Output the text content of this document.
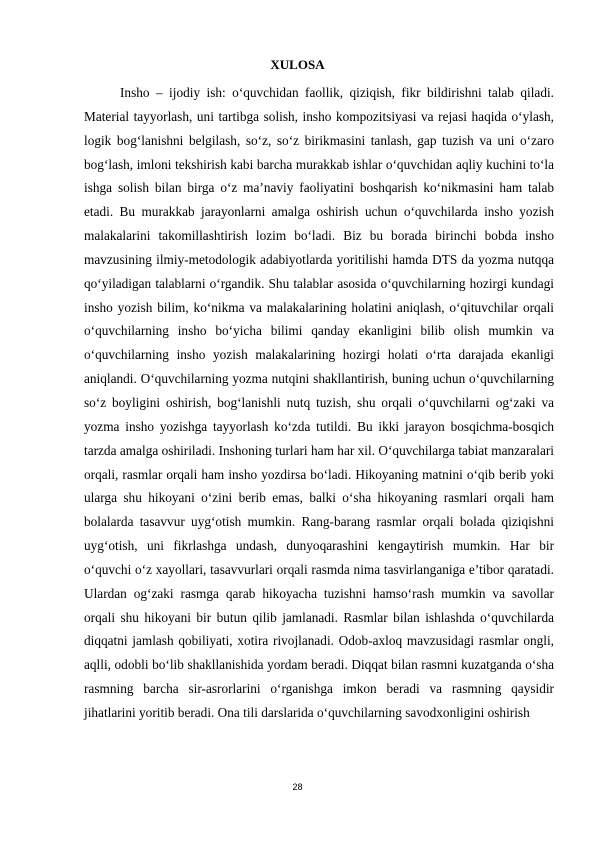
XULOSA

Insho – ijodiy ish: o‘quvchidan faollik, qiziqish, fikr bildirishni talab qiladi. Material tayyorlash, uni tartibga solish, insho kompozitsiyasi va rejasi haqida o‘ylash, logik bog‘lanishni belgilash, so‘z, so‘z birikmasini tanlash, gap tuzish va uni o‘zaro bog‘lash, imloni tekshirish kabi barcha murakkab ishlar o‘quvchidan aqliy kuchini to‘la ishga solish bilan birga o‘z ma’naviy faoliyatini boshqarish ko‘nikmasini ham talab etadi. Bu murakkab jarayonlarni amalga oshirish uchun o‘quvchilarda insho yozish malakalarini takomillashtirish lozim bo‘ladi. Biz bu borada birinchi bobda insho mavzusining ilmiy-metodologik adabiyotlarda yoritilishi hamda DTS da yozma nutqqa qo‘yiladigan talablarni o‘rgandik. Shu talablar asosida o‘quvchilarning hozirgi kundagi insho yozish bilim, ko‘nikma va malakalarining holatini aniqlash, o‘qituvchilar orqali o‘quvchilarning insho bo‘yicha bilimi qanday ekanligini bilib olish mumkin va o‘quvchilarning insho yozish malakalarining hozirgi holati o‘rta darajada ekanligi aniqlandi. O‘quvchilarning yozma nutqini shakllantirish, buning uchun o‘quvchilarning so‘z boyligini oshirish, bog‘lanishli nutq tuzish, shu orqali o‘quvchilarni og‘zaki va yozma insho yozishga tayyorlash ko‘zda tutildi. Bu ikki jarayon bosqichma-bosqich tarzda amalga oshiriladi. Inshoning turlari ham har xil. O‘quvchilarga tabiat manzaralari orqali, rasmlar orqali ham insho yozdirsa bo‘ladi. Hikoyaning matnini o‘qib berib yoki ularga shu hikoyani o‘zini berib emas, balki o‘sha hikoyaning rasmlari orqali ham bolalarda tasavvur uyg‘otish mumkin. Rang-barang rasmlar orqali bolada qiziqishni uyg‘otish, uni fikrlashga undash, dunyoqarashini kengaytirish mumkin. Har bir o‘quvchi o‘z xayollari, tasavvurlari orqali rasmda nima tasvirlanganiga e’tibor qaratadi. Ulardan og‘zaki rasmga qarab hikoyacha tuzishni hamso‘rash mumkin va savollar orqali shu hikoyani bir butun qilib jamlanadi. Rasmlar bilan ishlashda o‘quvchilarda diqqatni jamlash qobiliyati, xotira rivojlanadi. Odob-axloq mavzusidagi rasmlar ongli, aqlli, odobli bo‘lib shakllanishida yordam beradi. Diqqat bilan rasmni kuzatganda o‘sha rasmning barcha sir-asrorlarini o‘rganishga imkon beradi va rasmning qaysidir jihatlarini yoritib beradi. Ona tili darslarida o‘quvchilarning savodxonligini oshirish

28
